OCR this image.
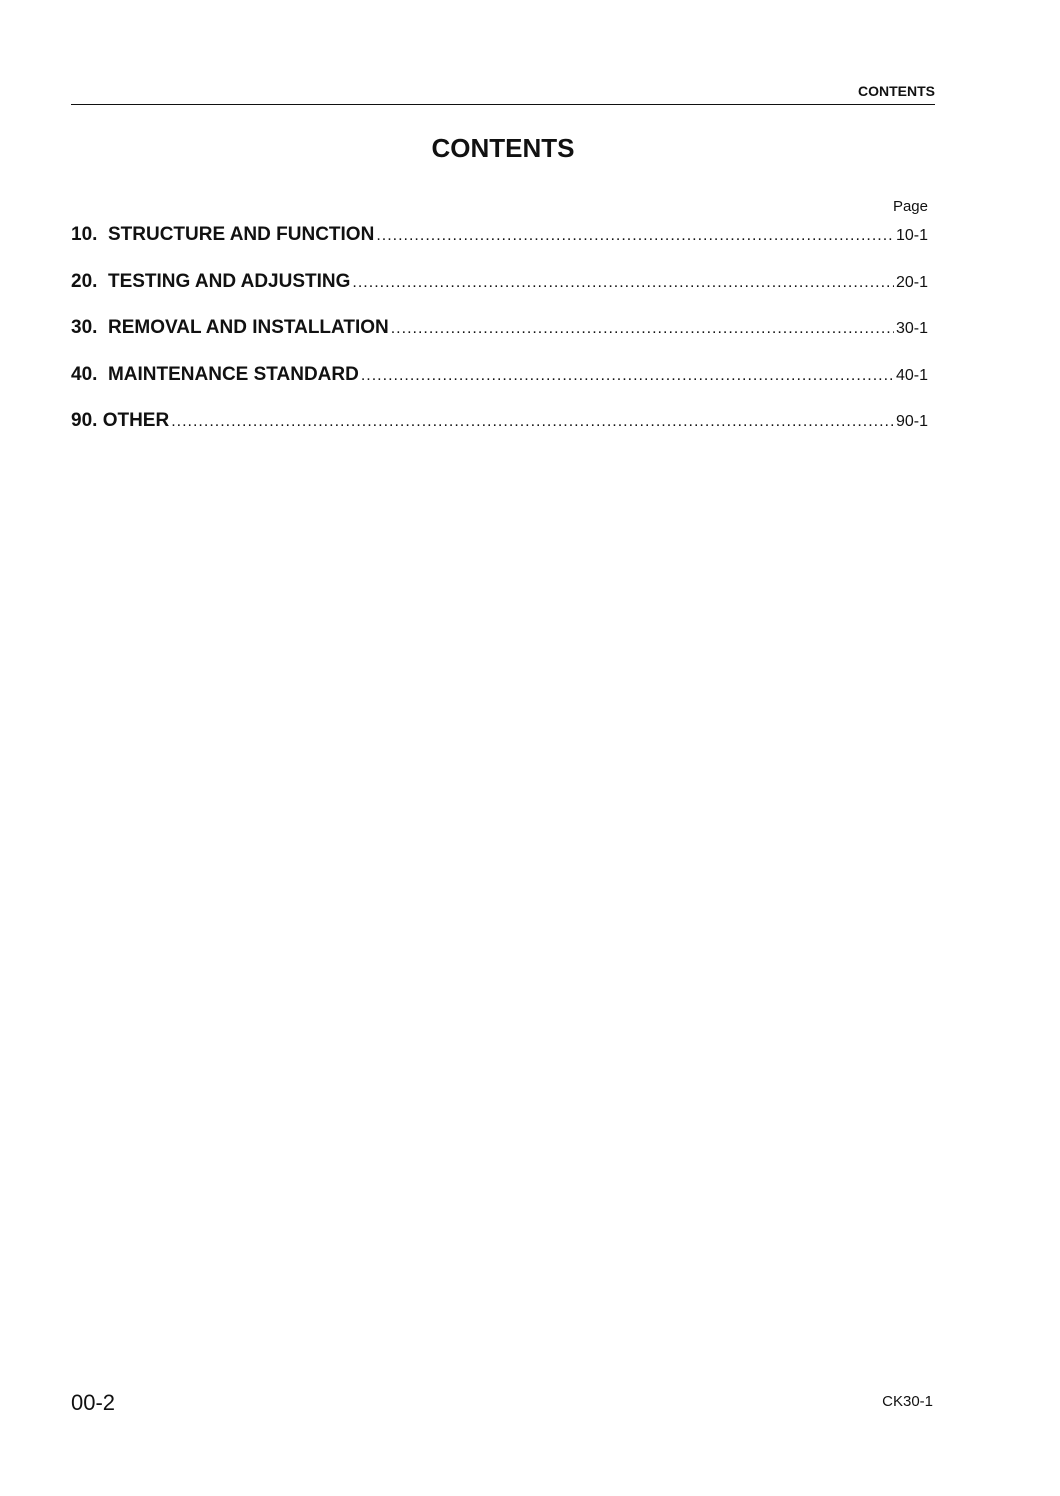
CONTENTS
CONTENTS
Page
10.  STRUCTURE AND FUNCTION .....	10-1
20.  TESTING AND ADJUSTING .....	20-1
30.  REMOVAL AND INSTALLATION .....	30-1
40.  MAINTENANCE STANDARD .....	40-1
90. OTHER .....	90-1
00-2	CK30-1
